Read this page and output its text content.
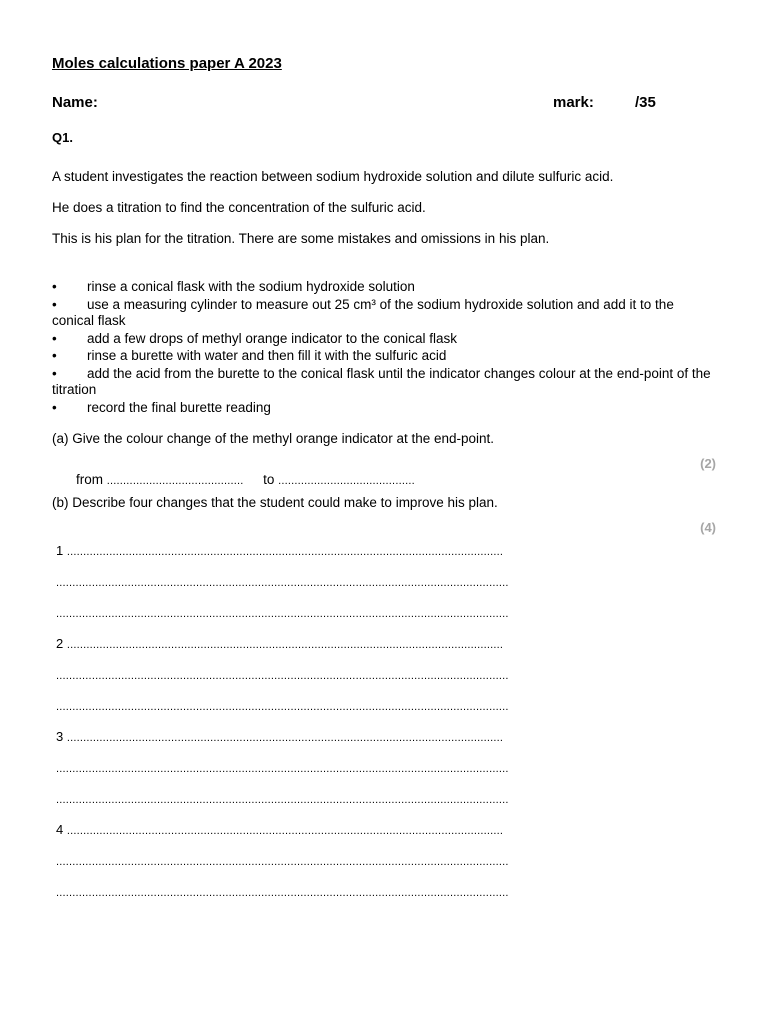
Moles calculations paper A 2023
Name:	mark:	/35
Q1.
A student investigates the reaction between sodium hydroxide solution and dilute sulfuric acid.
He does a titration to find the concentration of the sulfuric acid.
This is his plan for the titration. There are some mistakes and omissions in his plan.
• rinse a conical flask with the sodium hydroxide solution
• use a measuring cylinder to measure out 25 cm³ of the sodium hydroxide solution and add it to the conical flask
• add a few drops of methyl orange indicator to the conical flask
• rinse a burette with water and then fill it with the sulfuric acid
• add the acid from the burette to the conical flask until the indicator changes colour at the end-point of the titration
• record the final burette reading
(a) Give the colour change of the methyl orange indicator at the end-point.
(2)
from .......................................... to ..........................................
(b) Describe four changes that the student could make to improve his plan.
(4)
1 ......................................................................................................................................
...........................................................................................................................................
...........................................................................................................................................
2 ......................................................................................................................................
...........................................................................................................................................
...........................................................................................................................................
3 ......................................................................................................................................
...........................................................................................................................................
...........................................................................................................................................
4 ......................................................................................................................................
...........................................................................................................................................
...........................................................................................................................................
